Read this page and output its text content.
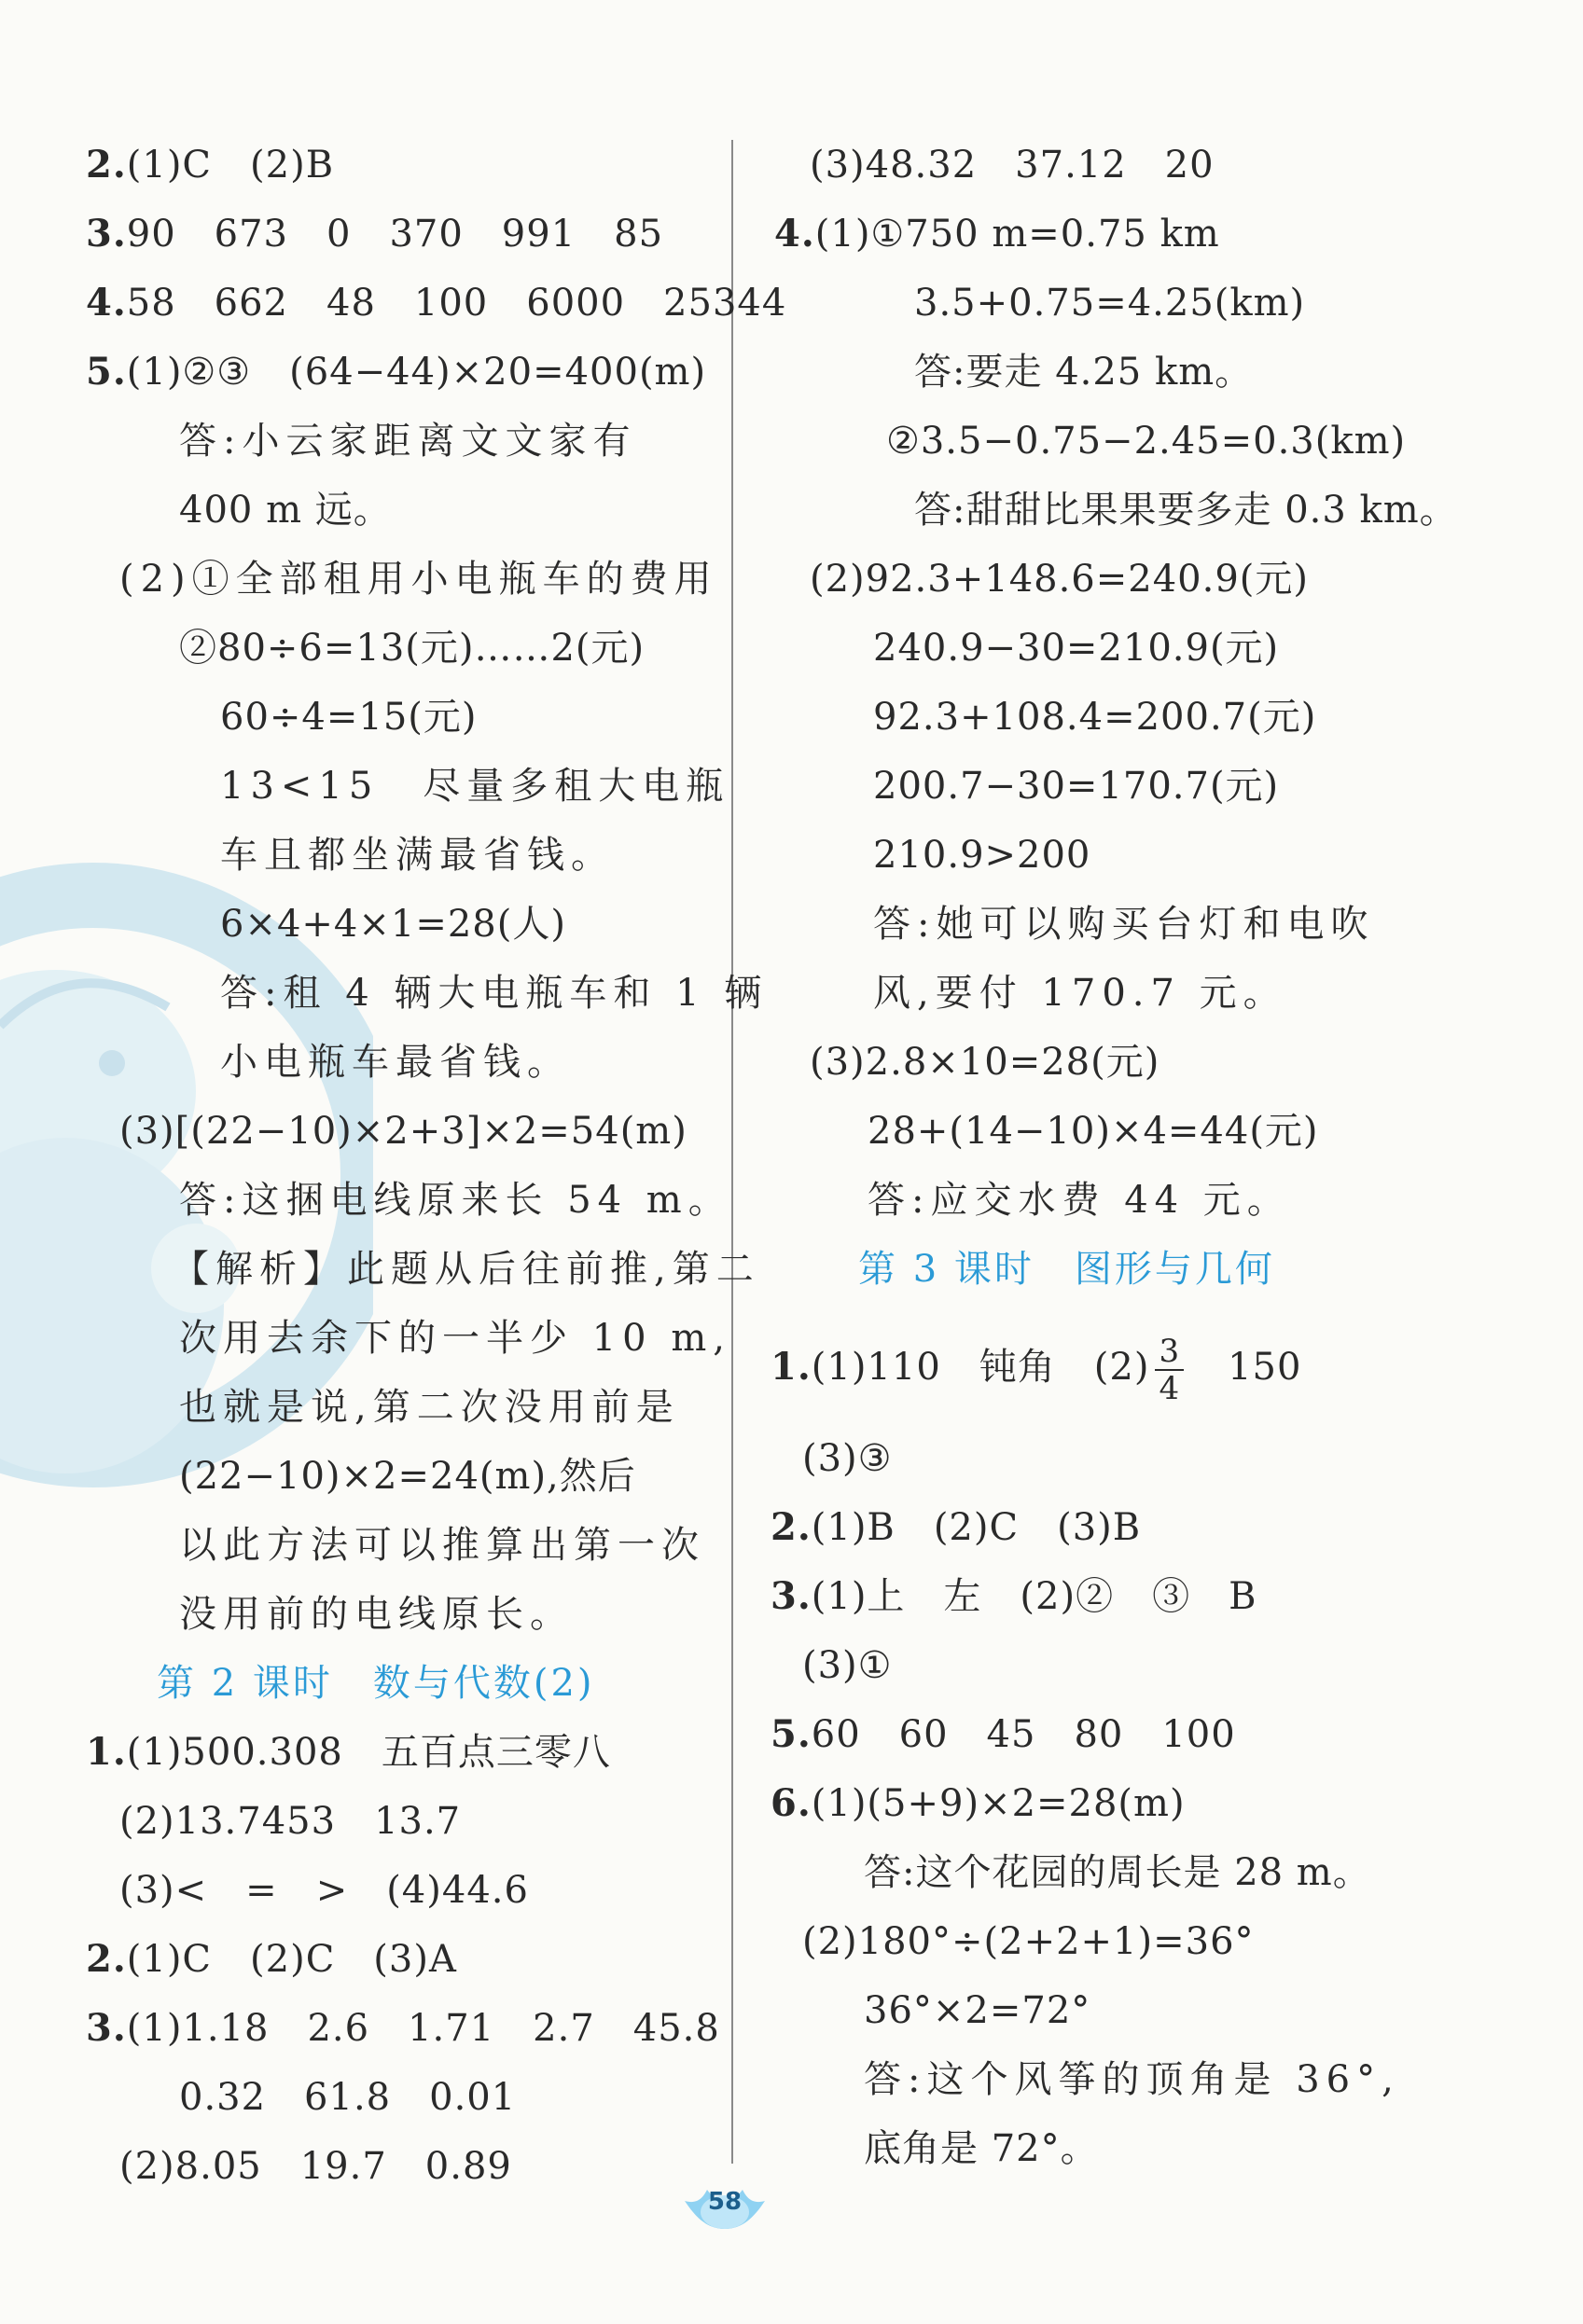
2.(1)C　(2)B
3.90　673　0　370　991　85
4.58　662　48　100　6000　25344
5.(1)②③　(64−44)×20=400(m)
答:小云家距离文文家有
400 m 远。
(2)①全部租用小电瓶车的费用
②80÷6=13(元)……2(元)
60÷4=15(元)
13<15　尽量多租大电瓶
车且都坐满最省钱。
6×4+4×1=28(人)
答:租 4 辆大电瓶车和 1 辆
小电瓶车最省钱。
(3)[(22−10)×2+3]×2=54(m)
答:这捆电线原来长 54 m。
【解析】此题从后往前推,第二
次用去余下的一半少 10 m,
也就是说,第二次没用前是
(22−10)×2=24(m),然后
以此方法可以推算出第一次
没用前的电线原长。
第 2 课时　数与代数(2)
1.(1)500.308　五百点三零八
(2)13.7453　13.7
(3)<　=　>　(4)44.6
2.(1)C　(2)C　(3)A
3.(1)1.18　2.6　1.71　2.7　45.8
0.32　61.8　0.01
(2)8.05　19.7　0.89
(3)48.32　37.12　20
4.(1)①750 m=0.75 km
3.5+0.75=4.25(km)
答:要走 4.25 km。
②3.5−0.75−2.45=0.3(km)
答:甜甜比果果要多走 0.3 km。
(2)92.3+148.6=240.9(元)
240.9−30=210.9(元)
92.3+108.4=200.7(元)
200.7−30=170.7(元)
210.9>200
答:她可以购买台灯和电吹
风,要付 170.7 元。
(3)2.8×10=28(元)
28+(14−10)×4=44(元)
答:应交水费 44 元。
第 3 课时　图形与几何
1.(1)110　钝角　$(2) \frac{3}{4}$
　 150
(3)③
2.(1)B　(2)C　(3)B
3.(1)上　左　(2)②　③　B
(3)①
5.60　60　45　80　100
6.(1)(5+9)×2=28(m)
答:这个花园的周长是 28 m。
(2)180°÷(2+2+1)=36°
36°×2=72°
答:这个风筝的顶角是 36°,
底角是 72°。
58
